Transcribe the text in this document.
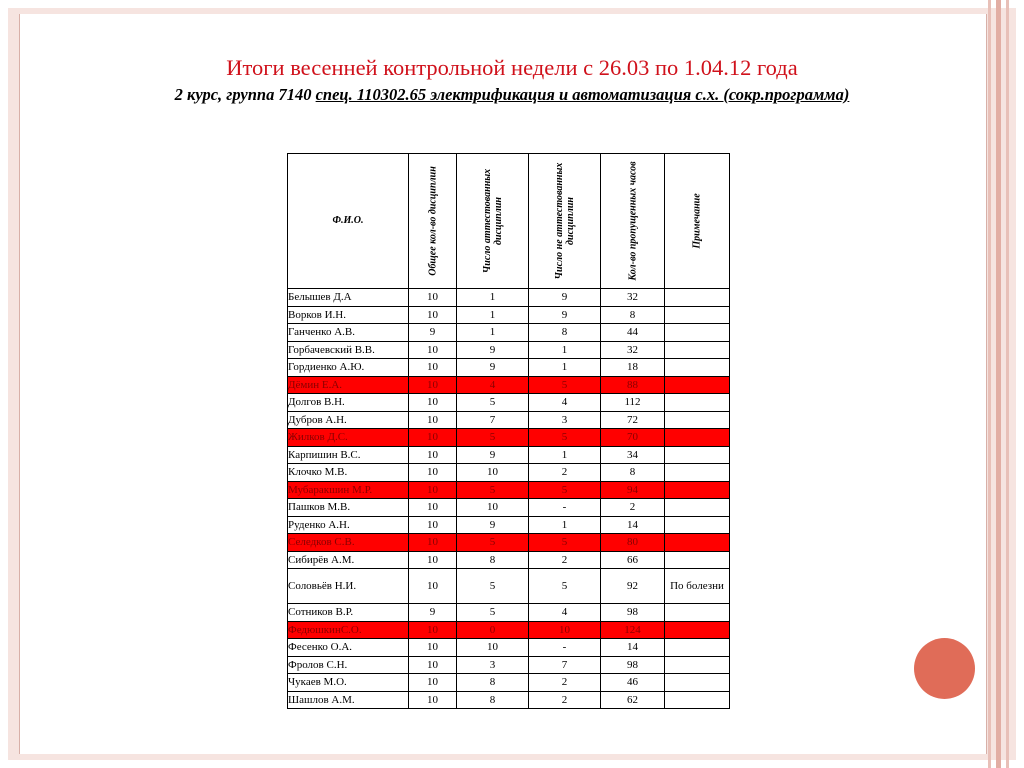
Итоги весенней контрольной недели с 26.03 по 1.04.12 года
2 курс, группа 7140 спец. 110302.65 электрификация и автоматизация с.х. (сокр.программа)
Ф.И.О.	Общее кол-во дисциплин	Число аттестованных дисциплин	Число не аттестованных дисциплин	Кол-во пропущенных часов	Примечание

Белышев Д.А	10	1	9	32	
Ворков И.Н.	10	1	9	8	
Ганченко А.В.	9	1	8	44	
Горбачевский В.В.	10	9	1	32	
Гордиенко А.Ю.	10	9	1	18	
Дёмин Е.А.	10	4	5	88	
Долгов В.Н.	10	5	4	112	
Дубров А.Н.	10	7	3	72	
Жилков Д.С.	10	5	5	70	
Карпишин В.С.	10	9	1	34	
Клочко М.В.	10	10	2	8	
Мубаракшин М.Р.	10	5	5	94	
Пашков М.В.	10	10	-	2	
Руденко А.Н.	10	9	1	14	
Селедков С.В.	10	5	5	80	
Сибирёв А.М.	10	8	2	66	
Соловьёв Н.И.	10	5	5	92	По болезни
Сотников В.Р.	9	5	4	98	
ФедюшкинС.О.	10	0	10	124	
Фесенко О.А.	10	10	-	14	
Фролов С.Н.	10	3	7	98	
Чукаев М.О.	10	8	2	46	
Шашлов А.М.	10	8	2	62	
